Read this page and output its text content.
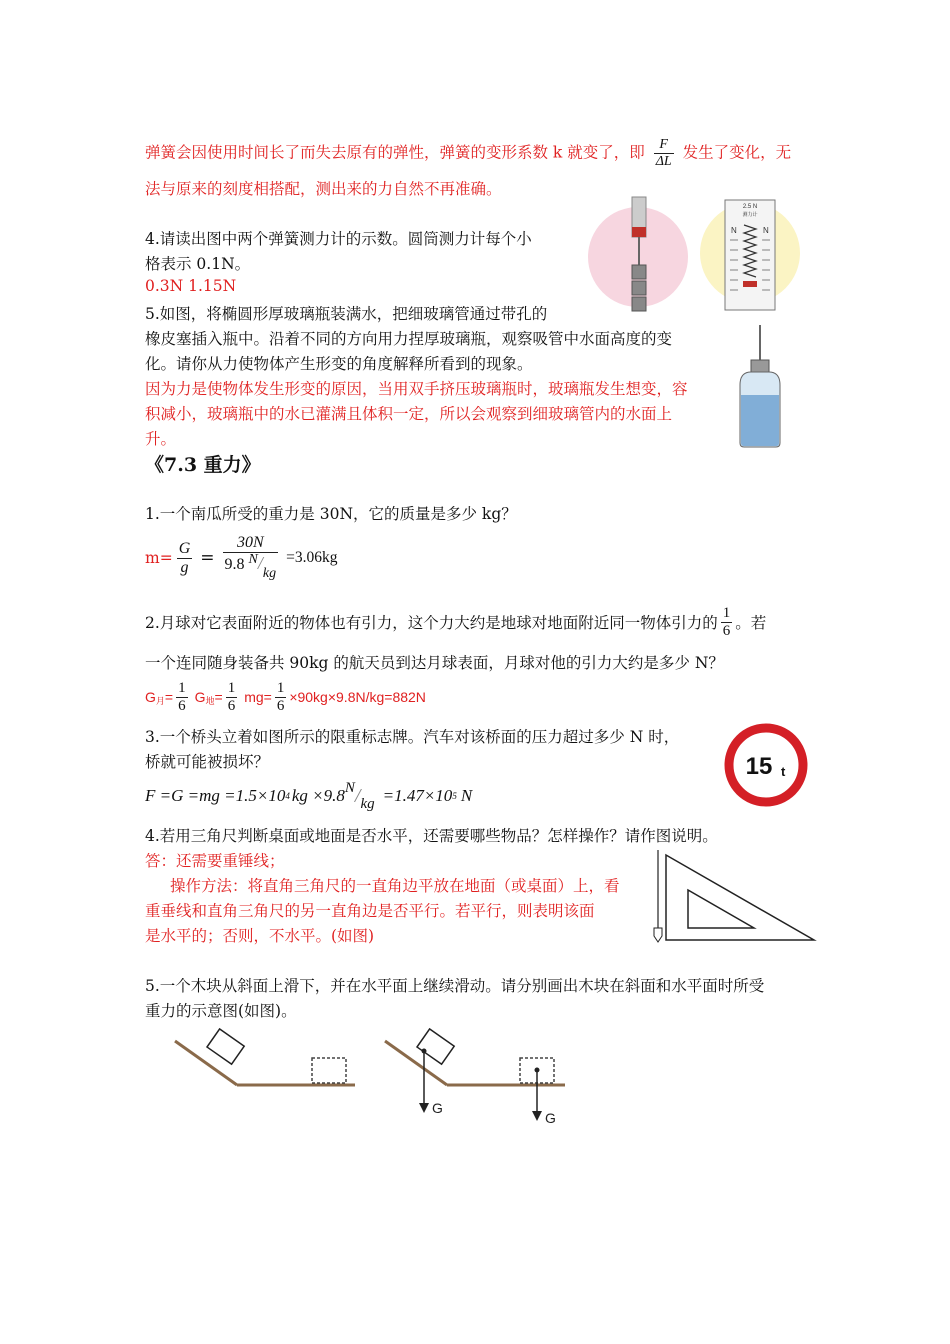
弹簧会因使用时间长了而失去原有的弹性，弹簧的变形系数 k 就变了，即 $\frac{F}{\Delta L}$ 发生了变化，无
法与原来的刻度相搭配，测出来的力自然不再准确。
4.请读出图中两个弹簧测力计的示数。圆筒测力计每个小
格表示 0.1N。
0.3N 1.15N
2.5 N
测力计
N	N
5.如图，将椭圆形厚玻璃瓶装满水，把细玻璃管通过带孔的
橡皮塞插入瓶中。沿着不同的方向用力捏厚玻璃瓶，观察吸管中水面高度的变
化。请你从力使物体产生形变的角度解释所看到的现象。
因为力是使物体发生形变的原因，当用双手挤压玻璃瓶时，玻璃瓶发生想变，容
积减小，玻璃瓶中的水已灌满且体积一定，所以会观察到细玻璃管内的水面上
升。
《7.3 重力》
1.一个南瓜所受的重力是 30N，它的质量是多少 kg？
$m= \frac{G}{g} = \frac{30N}{9.8 N/kg} =3.06kg$
2.月球对它表面附近的物体也有引力，这个力大约是地球对地面附近同一物体引力的 $\frac{1}{6}$ 。若
一个连同随身装备共 90kg 的航天员到达月球表面，月球对他的引力大约是多少 N？
G 月 = $\frac{1}{6}$ G 地 = $\frac{1}{6} mg= \frac{1}{6} \times 90kg\times 9.8N/kg=882N$
3.一个桥头立着如图所示的限重标志牌。汽车对该桥面的压力超过多少 N 时，
桥就可能被损坏？
F =G =mg =1.5×10 4 kg ×9.8 N / kg =1.47×10 5 N
15 t
4.若用三角尺判断桌面或地面是否水平，还需要哪些物品？怎样操作？请作图说明。
答：还需要重锤线；
操作方法：将直角三角尺的一直角边平放在地面（或桌面）上，看
重垂线和直角三角尺的另一直角边是否平行。若平行，则表明该面
是水平的；否则，不水平。(如图)
5.一个木块从斜面上滑下，并在水平面上继续滑动。请分别画出木块在斜面和水平面时所受
重力的示意图(如图)。
G
G
